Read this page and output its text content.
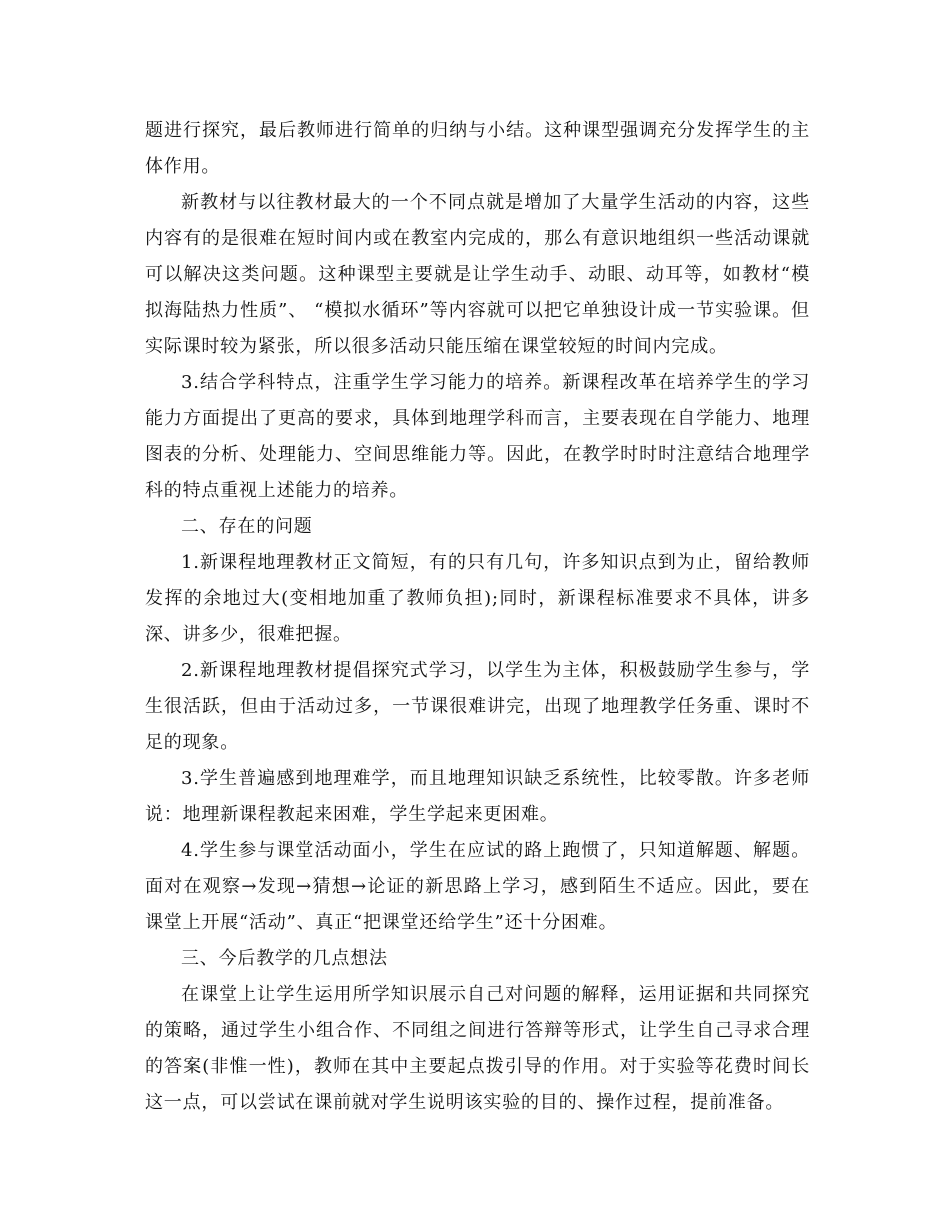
题进行探究，最后教师进行简单的归纳与小结。这种课型强调充分发挥学生的主体作用。

新教材与以往教材最大的一个不同点就是增加了大量学生活动的内容，这些内容有的是很难在短时间内或在教室内完成的，那么有意识地组织一些活动课就可以解决这类问题。这种课型主要就是让学生动手、动眼、动耳等，如教材“模拟海陆热力性质”、 “模拟水循环”等内容就可以把它单独设计成一节实验课。但实际课时较为紧张，所以很多活动只能压缩在课堂较短的时间内完成。

3.结合学科特点，注重学生学习能力的培养。新课程改革在培养学生的学习能力方面提出了更高的要求，具体到地理学科而言，主要表现在自学能力、地理图表的分析、处理能力、空间思维能力等。因此，在教学时时时注意结合地理学科的特点重视上述能力的培养。

二、存在的问题

1.新课程地理教材正文简短，有的只有几句，许多知识点到为止，留给教师发挥的余地过大(变相地加重了教师负担);同时，新课程标准要求不具体，讲多深、讲多少，很难把握。

2.新课程地理教材提倡探究式学习，以学生为主体，积极鼓励学生参与，学生很活跃，但由于活动过多，一节课很难讲完，出现了地理教学任务重、课时不足的现象。

3.学生普遍感到地理难学，而且地理知识缺乏系统性，比较零散。许多老师说：地理新课程教起来困难，学生学起来更困难。

4.学生参与课堂活动面小，学生在应试的路上跑惯了，只知道解题、解题。面对在观察→发现→猜想→论证的新思路上学习，感到陌生不适应。因此，要在课堂上开展“活动”、真正“把课堂还给学生”还十分困难。

三、今后教学的几点想法

在课堂上让学生运用所学知识展示自己对问题的解释，运用证据和共同探究的策略，通过学生小组合作、不同组之间进行答辩等形式，让学生自己寻求合理的答案(非惟一性)，教师在其中主要起点拨引导的作用。对于实验等花费时间长这一点，可以尝试在课前就对学生说明该实验的目的、操作过程，提前准备。
